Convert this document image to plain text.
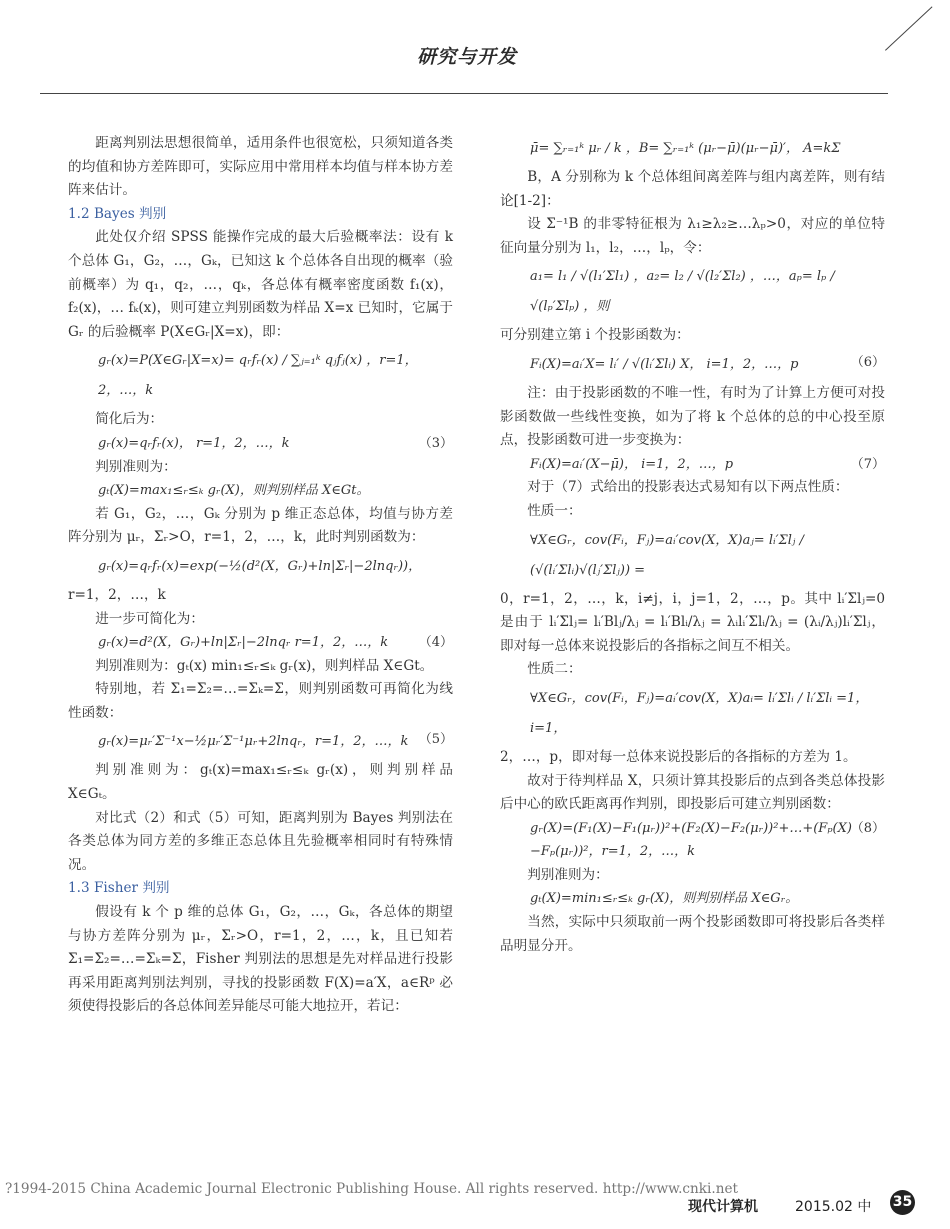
研究与开发

距离判别法思想很简单，适用条件也很宽松，只须知道各类的均值和协方差阵即可，实际应用中常用样本均值与样本协方差阵来估计。

1.2 Bayes 判别

此处仅介绍 SPSS 能操作完成的最大后验概率法：设有 k 个总体 G₁，G₂，…，Gₖ，已知这 k 个总体各自出现的概率（验前概率）为 q₁，q₂，…，qₖ，各总体有概率密度函数 f₁(x)，f₂(x)，… fₖ(x)，则可建立判别函数为样品 X=x 已知时，它属于 Gᵣ 的后验概率 P(X∈Gᵣ|X=x)，即：

gᵣ(x)=P(X∈Gᵣ|X=x)= qᵣfᵣ(x) / ∑ⱼ₌₁ᵏ qⱼfⱼ(x) ，r=1，2，…，k

简化后为：

gᵣ(x)=qᵣfᵣ(x)， r=1，2，…，k	（3）

判别准则为：

gₜ(X)=max₁≤ᵣ≤ₖ gᵣ(X)，则判别样品 X∈Gt。

若 G₁，G₂，…，Gₖ 分别为 p 维正态总体，均值与协方差阵分别为 μᵣ，Σᵣ>O，r=1，2，…，k，此时判别函数为：

gᵣ(x)=qᵣfᵣ(x)=exp(−½(d²(X，Gᵣ)+ln|Σᵣ|−2lnqᵣ))，

r=1，2，…，k

进一步可简化为：

gᵣ(x)=d²(X，Gᵣ)+ln|Σᵣ|−2lnqᵣ r=1，2，…，k （4）

判别准则为：gₜ(x) min₁≤ᵣ≤ₖ gᵣ(x)，则判样品 X∈Gt。

特别地，若 Σ₁=Σ₂=…=Σₖ=Σ，则判别函数可再简化为线性函数：

gᵣ(x)=μᵣ′Σ⁻¹x−½μᵣ′Σ⁻¹μᵣ+2lnqᵣ，r=1，2，…，k （5）

判别准则为：gₜ(x)=max₁≤ᵣ≤ₖ gᵣ(x)，则判别样品 X∈Gₜ。

对比式（2）和式（5）可知，距离判别为 Bayes 判别法在各类总体为同方差的多维正态总体且先验概率相同时有特殊情况。

1.3 Fisher 判别

假设有 k 个 p 维的总体 G₁，G₂，…，Gₖ，各总体的期望与协方差阵分别为 μᵣ，Σᵣ>O，r=1，2，…，k，且已知若 Σ₁=Σ₂=…=Σₖ=Σ，Fisher 判别法的思想是先对样品进行投影再采用距离判别法判别，寻找的投影函数 F(X)=a′X，a∈Rᵖ 必须使得投影后的各总体间差异能尽可能大地拉开，若记：

μ̄= ∑ᵣ₌₁ᵏ μᵣ / k ，B= ∑ᵣ₌₁ᵏ (μᵣ−μ̄)(μᵣ−μ̄)′， A=kΣ

B，A 分别称为 k 个总体组间离差阵与组内离差阵，则有结论[1-2]：

设 Σ⁻¹B 的非零特征根为 λ₁≥λ₂≥…λₚ>0，对应的单位特征向量分别为 l₁，l₂，…，lₚ，令：

a₁= l₁ / √(l₁′Σl₁) ，a₂= l₂ / √(l₂′Σl₂) ，…，aₚ= lₚ / √(lₚ′Σlₚ) ，则

可分别建立第 i 个投影函数为：

Fᵢ(X)=aᵢ′X= lᵢ′ / √(lᵢ′Σlᵢ) X， i=1，2，…，p	（6）

注：由于投影函数的不唯一性，有时为了计算上方便可对投影函数做一些线性变换，如为了将 k 个总体的总的中心投至原点，投影函数可进一步变换为：

Fᵢ(X)=aᵢ′(X−μ̄)， i=1，2，…，p	（7）

对于（7）式给出的投影表达式易知有以下两点性质：

性质一：

∀X∈Gᵣ，cov(Fᵢ，Fⱼ)=aᵢ′cov(X，X)aⱼ= lᵢ′Σlⱼ / (√(lᵢ′Σlᵢ)√(lⱼ′Σlⱼ)) =

0，r=1，2，…，k，i≠j，i，j=1，2，…，p。其中 lᵢ′Σlⱼ=0 是由于 lᵢ′Σlⱼ= lᵢ′Blⱼ/λⱼ = lᵢ′Blᵢ/λⱼ = λᵢlᵢ′Σlᵢ/λⱼ = (λᵢ/λⱼ)lᵢ′Σlⱼ，即对每一总体来说投影后的各指标之间互不相关。

性质二：

∀X∈Gᵣ，cov(Fᵢ，Fⱼ)=aᵢ′cov(X，X)aᵢ= lᵢ′Σlᵢ / lᵢ′Σlᵢ =1，i=1，

2，…，p，即对每一总体来说投影后的各指标的方差为 1。

故对于待判样品 X，只须计算其投影后的点到各类总体投影后中心的欧氏距离再作判别，即投影后可建立判别函数：

gᵣ(X)=(F₁(X)−F₁(μᵣ))²+(F₂(X)−F₂(μᵣ))²+…+(Fₚ(X)−Fₚ(μᵣ))²，r=1，2，…，k
（8）

判别准则为：

gₜ(X)=min₁≤ᵣ≤ₖ gᵣ(X)，则判别样品 X∈Gᵣ。

当然，实际中只须取前一两个投影函数即可将投影后各类样品明显分开。

?1994-2015 China Academic Journal Electronic Publishing House. All rights reserved. http://www.cnki.net
现代计算机	2015.02 中 35
